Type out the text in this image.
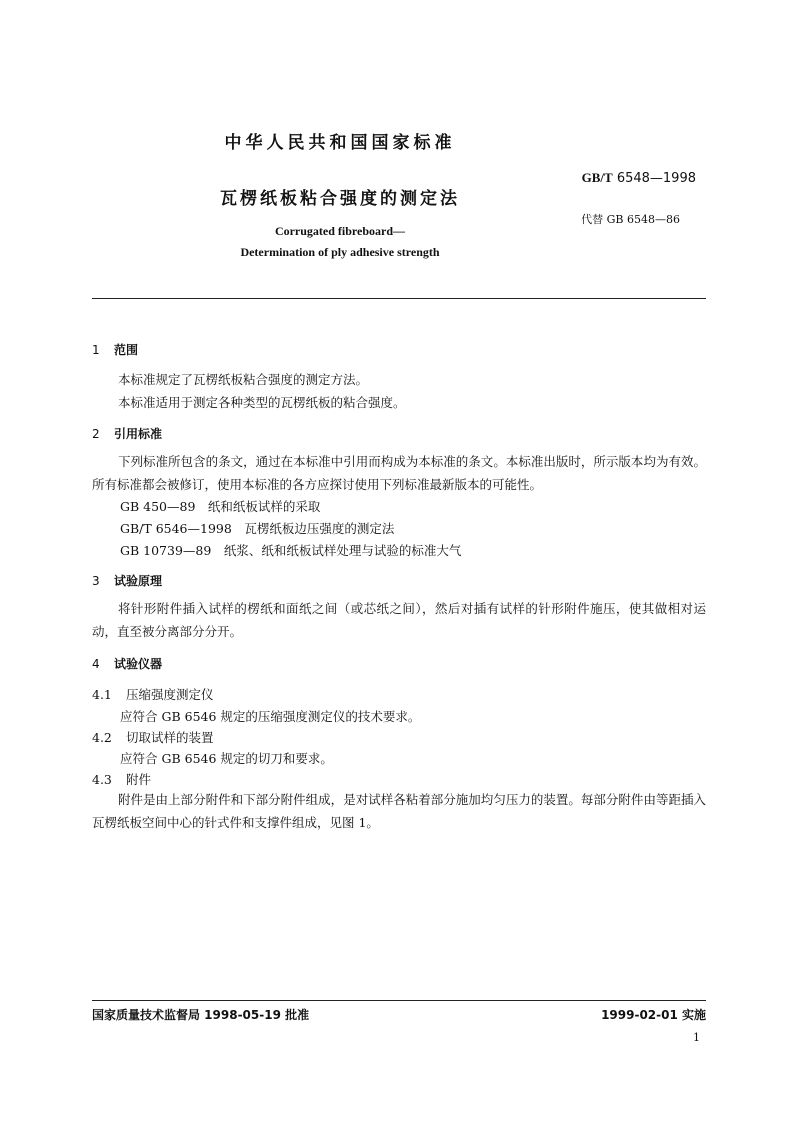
中华人民共和国国家标准
GB/T 6548—1998
瓦楞纸板粘合强度的测定法
代替 GB 6548—86
Corrugated fibreboard—
Determination of ply adhesive strength
1 范围

本标准规定了瓦楞纸板粘合强度的测定方法。

本标准适用于测定各种类型的瓦楞纸板的粘合强度。

2 引用标准

下列标准所包含的条文，通过在本标准中引用而构成为本标准的条文。本标准出版时，所示版本均为有效。所有标准都会被修订，使用本标准的各方应探讨使用下列标准最新版本的可能性。

GB 450—89　纸和纸板试样的采取
GB/T 6546—1998　瓦楞纸板边压强度的测定法
GB 10739—89　纸浆、纸和纸板试样处理与试验的标准大气
3 试验原理

将针形附件插入试样的楞纸和面纸之间（或芯纸之间），然后对插有试样的针形附件施压，使其做相对运动，直至被分离部分分开。

4 试验仪器
4.1 压缩强度测定仪
应符合 GB 6546 规定的压缩强度测定仪的技术要求。
4.2 切取试样的装置
应符合 GB 6546 规定的切刀和要求。
4.3 附件

附件是由上部分附件和下部分附件组成，是对试样各粘着部分施加均匀压力的装置。每部分附件由等距插入瓦楞纸板空间中心的针式件和支撑件组成，见图 1。

国家质量技术监督局 1998-05-19 批准	1999-02-01 实施
1
